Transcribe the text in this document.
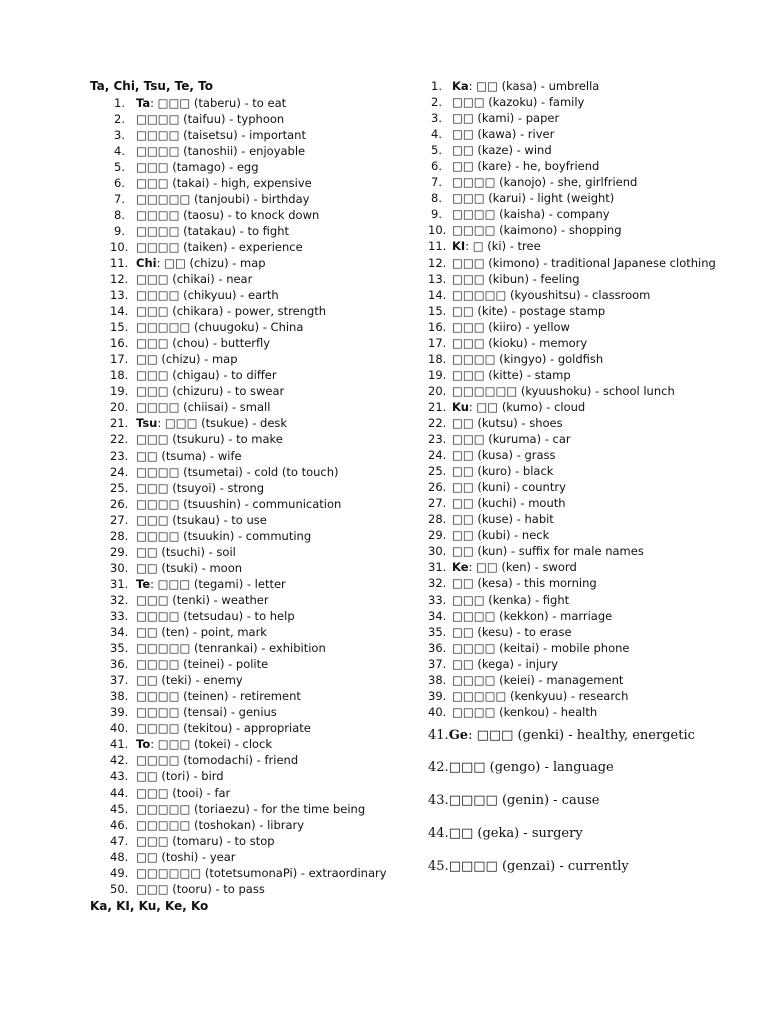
Ta, Chi, Tsu, Te, To

1. Ta: □□□ (taberu) - to eat
2. □□□□ (taifuu) - typhoon
3. □□□□ (taisetsu) - important
4. □□□□ (tanoshii) - enjoyable
5. □□□ (tamago) - egg
6. □□□ (takai) - high, expensive
7. □□□□□ (tanjoubi) - birthday
8. □□□□ (taosu) - to knock down
9. □□□□ (tatakau) - to fight
10. □□□□ (taiken) - experience
11. Chi: □□ (chizu) - map
12. □□□ (chikai) - near
13. □□□□ (chikyuu) - earth
14. □□□ (chikara) - power, strength
15. □□□□□ (chuugoku) - China
16. □□□ (chou) - butterfly
17. □□ (chizu) - map
18. □□□ (chigau) - to differ
19. □□□ (chizuru) - to swear
20. □□□□ (chiisai) - small
21. Tsu: □□□ (tsukue) - desk
22. □□□ (tsukuru) - to make
23. □□ (tsuma) - wife
24. □□□□ (tsumetai) - cold (to touch)
25. □□□ (tsuyoi) - strong
26. □□□□ (tsuushin) - communication
27. □□□ (tsukau) - to use
28. □□□□ (tsuukin) - commuting
29. □□ (tsuchi) - soil
30. □□ (tsuki) - moon
31. Te: □□□ (tegami) - letter
32. □□□ (tenki) - weather
33. □□□□ (tetsudau) - to help
34. □□ (ten) - point, mark
35. □□□□□ (tenrankai) - exhibition
36. □□□□ (teinei) - polite
37. □□ (teki) - enemy
38. □□□□ (teinen) - retirement
39. □□□□ (tensai) - genius
40. □□□□ (tekitou) - appropriate
41. To: □□□ (tokei) - clock
42. □□□□ (tomodachi) - friend
43. □□ (tori) - bird
44. □□□ (tooi) - far
45. □□□□□ (toriaezu) - for the time being
46. □□□□□ (toshokan) - library
47. □□□ (tomaru) - to stop
48. □□ (toshi) - year
49. □□□□□□ (totetsumonaPi) - extraordinary
50. □□□ (tooru) - to pass

Ka, KI, Ku, Ke, Ko

1. Ka: □□ (kasa) - umbrella
2. □□□ (kazoku) - family
3. □□ (kami) - paper
4. □□ (kawa) - river
5. □□ (kaze) - wind
6. □□ (kare) - he, boyfriend
7. □□□□ (kanojo) - she, girlfriend
8. □□□ (karui) - light (weight)
9. □□□□ (kaisha) - company
10. □□□□ (kaimono) - shopping
11. KI: □ (ki) - tree
12. □□□ (kimono) - traditional Japanese clothing
13. □□□ (kibun) - feeling
14. □□□□□ (kyoushitsu) - classroom
15. □□ (kite) - postage stamp
16. □□□ (kiiro) - yellow
17. □□□ (kioku) - memory
18. □□□□ (kingyo) - goldfish
19. □□□ (kitte) - stamp
20. □□□□□□ (kyuushoku) - school lunch
21. Ku: □□ (kumo) - cloud
22. □□ (kutsu) - shoes
23. □□□ (kuruma) - car
24. □□ (kusa) - grass
25. □□ (kuro) - black
26. □□ (kuni) - country
27. □□ (kuchi) - mouth
28. □□ (kuse) - habit
29. □□ (kubi) - neck
30. □□ (kun) - suffix for male names
31. Ke: □□ (ken) - sword
32. □□ (kesa) - this morning
33. □□□ (kenka) - fight
34. □□□□ (kekkon) - marriage
35. □□ (kesu) - to erase
36. □□□□ (keitai) - mobile phone
37. □□ (kega) - injury
38. □□□□ (keiei) - management
39. □□□□□ (kenkyuu) - research
40. □□□□ (kenkou) - health
41.Ge: □□□ (genki) - healthy, energetic
42.□□□ (gengo) - language
43.□□□□ (genin) - cause
44.□□ (geka) - surgery
45.□□□□ (genzai) - currently
